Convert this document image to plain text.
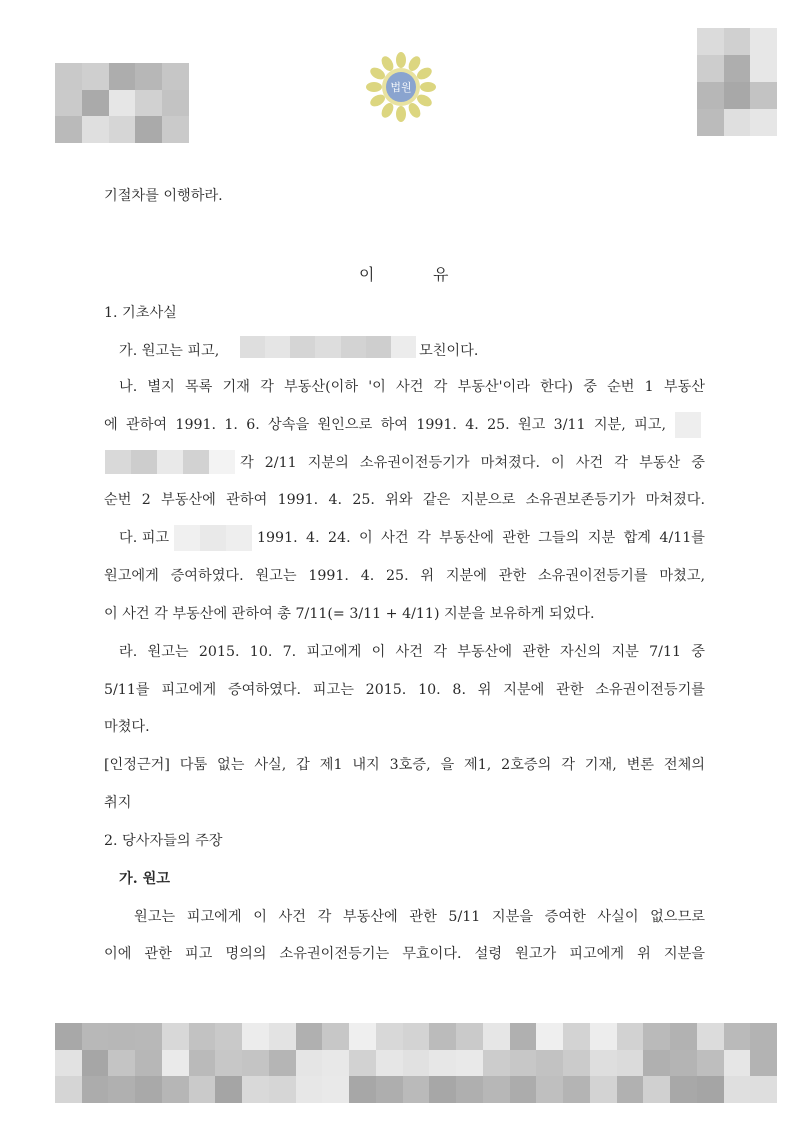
법원
기절차를 이행하라.
이	유
1. 기초사실
가. 원고는 피고,	모친이다.
나. 별지 목록 기재 각 부동산(이하 '이 사건 각 부동산'이라 한다) 중 순번 1 부동산
에 관하여 1991. 1. 6. 상속을 원인으로 하여 1991. 4. 25. 원고 3/11 지분, 피고,
각 2/11 지분의 소유권이전등기가 마쳐졌다. 이 사건 각 부동산 중
순번 2 부동산에 관하여 1991. 4. 25. 위와 같은 지분으로 소유권보존등기가 마쳐졌다.
다. 피고	1991. 4. 24. 이 사건 각 부동산에 관한 그들의 지분 합계 4/11를
원고에게 증여하였다. 원고는 1991. 4. 25. 위 지분에 관한 소유권이전등기를 마쳤고,
이 사건 각 부동산에 관하여 총 7/11(= 3/11 + 4/11) 지분을 보유하게 되었다.
라. 원고는 2015. 10. 7. 피고에게 이 사건 각 부동산에 관한 자신의 지분 7/11 중
5/11를 피고에게 증여하였다. 피고는 2015. 10. 8. 위 지분에 관한 소유권이전등기를
마쳤다.
[인정근거] 다툼 없는 사실, 갑 제1 내지 3호증, 을 제1, 2호증의 각 기재, 변론 전체의
취지
2. 당사자들의 주장
가. 원고
원고는 피고에게 이 사건 각 부동산에 관한 5/11 지분을 증여한 사실이 없으므로
이에 관한 피고 명의의 소유권이전등기는 무효이다. 설령 원고가 피고에게 위 지분을
